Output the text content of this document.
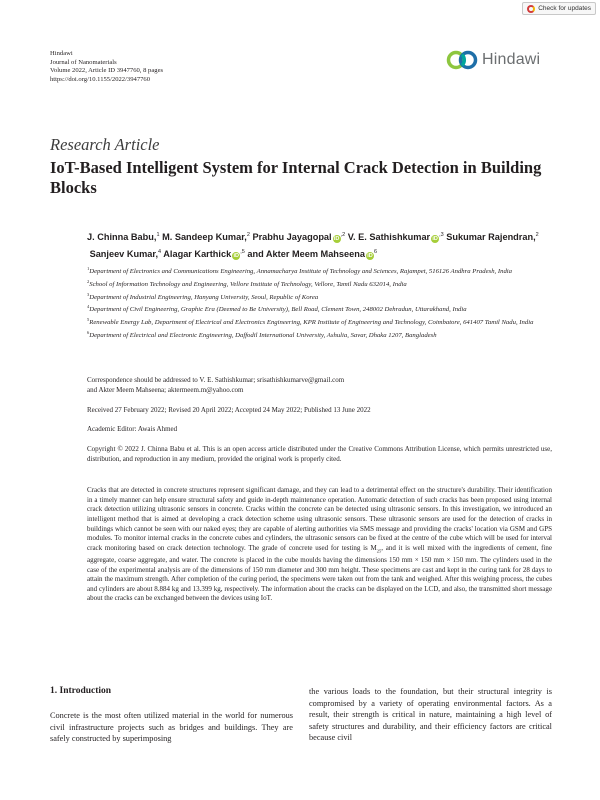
Check for updates
Hindawi
Journal of Nanomaterials
Volume 2022, Article ID 3947760, 8 pages
https://doi.org/10.1155/2022/3947760
Hindawi
Research Article
IoT-Based Intelligent System for Internal Crack Detection in Building Blocks
J. Chinna Babu,$^1$ M. Sandeep Kumar,$^2$ Prabhu Jayagopal $iD^{,2}$ V. E. Sathishkumar $iD^{,3}$ Sukumar Rajendran,$^2$ Sanjeev Kumar,$^4$ Alagar Karthick $iD^{,5}$ and Akter Meem Mahseena $iD^6$
$^1$Department of Electronics and Communications Engineering, Annamacharya Institute of Technology and Sciences, Rajampet, 516126 Andhra Pradesh, India
$^2$School of Information Technology and Engineering, Vellore Institute of Technology, Vellore, Tamil Nadu 632014, India
$^3$Department of Industrial Engineering, Hanyang University, Seoul, Republic of Korea
$^4$Department of Civil Engineering, Graphic Era (Deemed to Be University), Bell Road, Clement Town, 248002 Dehradun, Uttarakhand, India
$^5$Renewable Energy Lab, Department of Electrical and Electronics Engineering, KPR Institute of Engineering and Technology, Coimbatore, 641407 Tamil Nadu, India
$^6$Department of Electrical and Electronic Engineering, Daffodil International University, Ashulia, Savar, Dhaka 1207, Bangladesh
Correspondence should be addressed to V. E. Sathishkumar; srisathishkumarve@gmail.com
and Akter Meem Mahseena; aktermeem.m@yahoo.com
Received 27 February 2022; Revised 20 April 2022; Accepted 24 May 2022; Published 13 June 2022
Academic Editor: Awais Ahmed
Copyright © 2022 J. Chinna Babu et al. This is an open access article distributed under the Creative Commons Attribution License, which permits unrestricted use, distribution, and reproduction in any medium, provided the original work is properly cited.
Cracks that are detected in concrete structures represent significant damage, and they can lead to a detrimental effect on the structure's durability. Their identification in a timely manner can help ensure structural safety and guide in-depth maintenance operation. Automatic detection of such cracks has been proposed using internal crack detection utilizing ultrasonic sensors in concrete. Cracks within the concrete can be detected using ultrasonic sensors. In this investigation, we introduced an intelligent method that is aimed at developing a crack detection scheme using ultrasonic sensors. These ultrasonic sensors are used for the detection of cracks in buildings which cannot be seen with our naked eyes; they are capable of alerting authorities via SMS message and providing the cracks' location via GSM and GPS modules. To monitor internal cracks in the concrete cubes and cylinders, the ultrasonic sensors can be fixed at the centre of the cube which will be used for interval crack monitoring based on crack detection technology. The grade of concrete used for testing is $M_{25}$, and it is well mixed with the ingredients of cement, fine aggregate, coarse aggregate, and water. The concrete is placed in the cube moulds having the dimensions 150 mm × 150 mm × 150 mm. The cylinders used in the case of the experimental analysis are of the dimensions of 150 mm diameter and 300 mm height. These specimens are cast and kept in the curing tank for 28 days to attain the maximum strength. After completion of the curing period, the specimens were taken out from the tank and weighed. After this weighing process, the cubes and cylinders are about 8.884 kg and 13.399 kg, respectively. The information about the cracks can be displayed on the LCD, and also, the transmitted short message about the cracks can be exchanged between the devices using IoT.
1. Introduction

Concrete is the most often utilized material in the world for numerous civil infrastructure projects such as bridges and buildings. They are safely constructed by superimposing

the various loads to the foundation, but their structural integrity is compromised by a variety of operating environmental factors. As a result, their strength is critical in nature, maintaining a high level of safety structures and durability, and their efficiency factors are critical because civil
